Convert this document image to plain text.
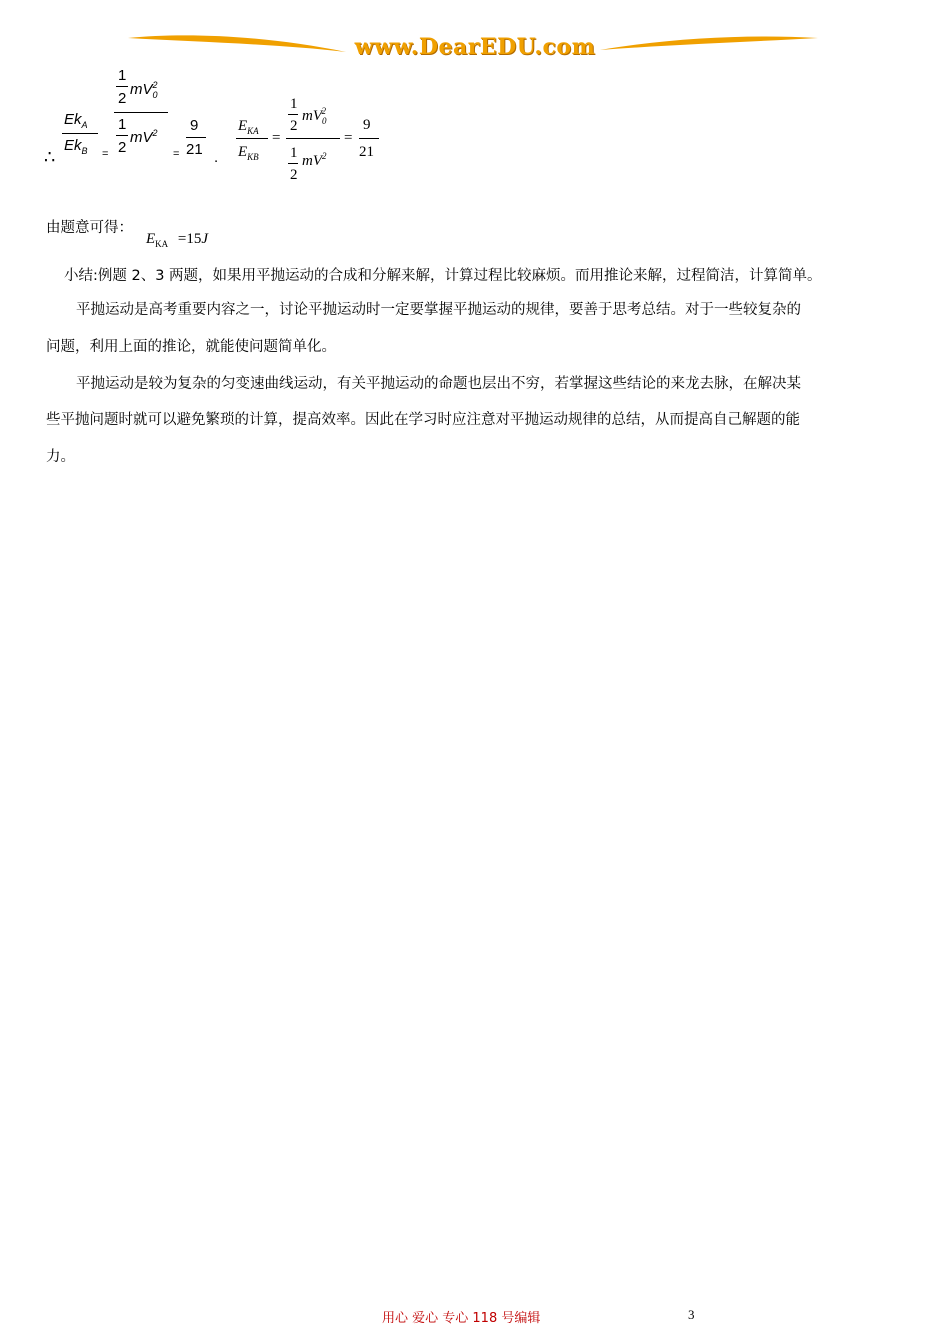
www.DearEDU.com
∴
$Ek_A$
$Ek_B$ =
1
2
$mV_0^2$
1
2
$mV^2$
=
9
21 .
$E_{KA}$
$E_{KB}$
=
1
2
$mV_0^2$
1
2
$mV^2$
=
9
21
由题意可得：
$E_{KA} =15J$
小结:例题 2、3 两题，如果用平抛运动的合成和分解来解，计算过程比较麻烦。而用推论来解，过程简洁，计算简单。
平抛运动是高考重要内容之一，讨论平抛运动时一定要掌握平抛运动的规律，要善于思考总结。对于一些较复杂的
问题，利用上面的推论，就能使问题简单化。
平抛运动是较为复杂的匀变速曲线运动，有关平抛运动的命题也层出不穷，若掌握这些结论的来龙去脉，在解决某
些平抛问题时就可以避免繁琐的计算，提高效率。因此在学习时应注意对平抛运动规律的总结，从而提高自己解题的能
力。
用心 爱心 专心 118 号编辑	3
